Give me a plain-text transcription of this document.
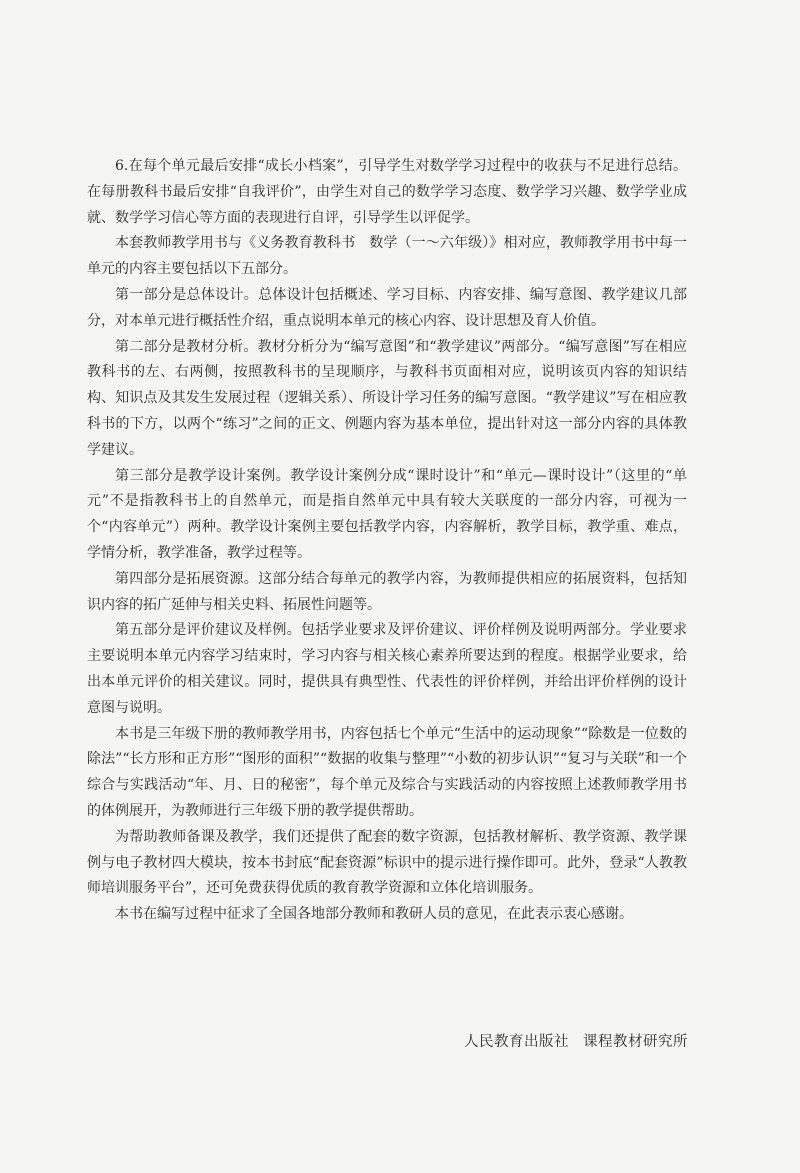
6.在每个单元最后安排“成长小档案”，引导学生对数学学习过程中的收获与不足进行总结。在每册教科书最后安排“自我评价”，由学生对自己的数学学习态度、数学学习兴趣、数学学业成就、数学学习信心等方面的表现进行自评，引导学生以评促学。

本套教师教学用书与《义务教育教科书　数学（一～六年级）》相对应，教师教学用书中每一单元的内容主要包括以下五部分。

第一部分是总体设计。总体设计包括概述、学习目标、内容安排、编写意图、教学建议几部分，对本单元进行概括性介绍，重点说明本单元的核心内容、设计思想及育人价值。

第二部分是教材分析。教材分析分为“编写意图”和“教学建议”两部分。“编写意图”写在相应教科书的左、右两侧，按照教科书的呈现顺序，与教科书页面相对应，说明该页内容的知识结构、知识点及其发生发展过程（逻辑关系）、所设计学习任务的编写意图。“教学建议”写在相应教科书的下方，以两个“练习”之间的正文、例题内容为基本单位，提出针对这一部分内容的具体教学建议。

第三部分是教学设计案例。教学设计案例分成“课时设计”和“单元—课时设计”（这里的“单元”不是指教科书上的自然单元，而是指自然单元中具有较大关联度的一部分内容，可视为一个“内容单元”）两种。教学设计案例主要包括教学内容，内容解析，教学目标，教学重、难点，学情分析，教学准备，教学过程等。

第四部分是拓展资源。这部分结合每单元的教学内容，为教师提供相应的拓展资料，包括知识内容的拓广延伸与相关史料、拓展性问题等。

第五部分是评价建议及样例。包括学业要求及评价建议、评价样例及说明两部分。学业要求主要说明本单元内容学习结束时，学习内容与相关核心素养所要达到的程度。根据学业要求，给出本单元评价的相关建议。同时，提供具有典型性、代表性的评价样例，并给出评价样例的设计意图与说明。

本书是三年级下册的教师教学用书，内容包括七个单元“生活中的运动现象”“除数是一位数的除法”“长方形和正方形”“图形的面积”“数据的收集与整理”“小数的初步认识”“复习与关联”和一个综合与实践活动“年、月、日的秘密”，每个单元及综合与实践活动的内容按照上述教师教学用书的体例展开，为教师进行三年级下册的教学提供帮助。

为帮助教师备课及教学，我们还提供了配套的数字资源，包括教材解析、教学资源、教学课例与电子教材四大模块，按本书封底“配套资源”标识中的提示进行操作即可。此外，登录“人教教师培训服务平台”，还可免费获得优质的教育教学资源和立体化培训服务。

本书在编写过程中征求了全国各地部分教师和教研人员的意见，在此表示衷心感谢。

人民教育出版社 课程教材研究所
